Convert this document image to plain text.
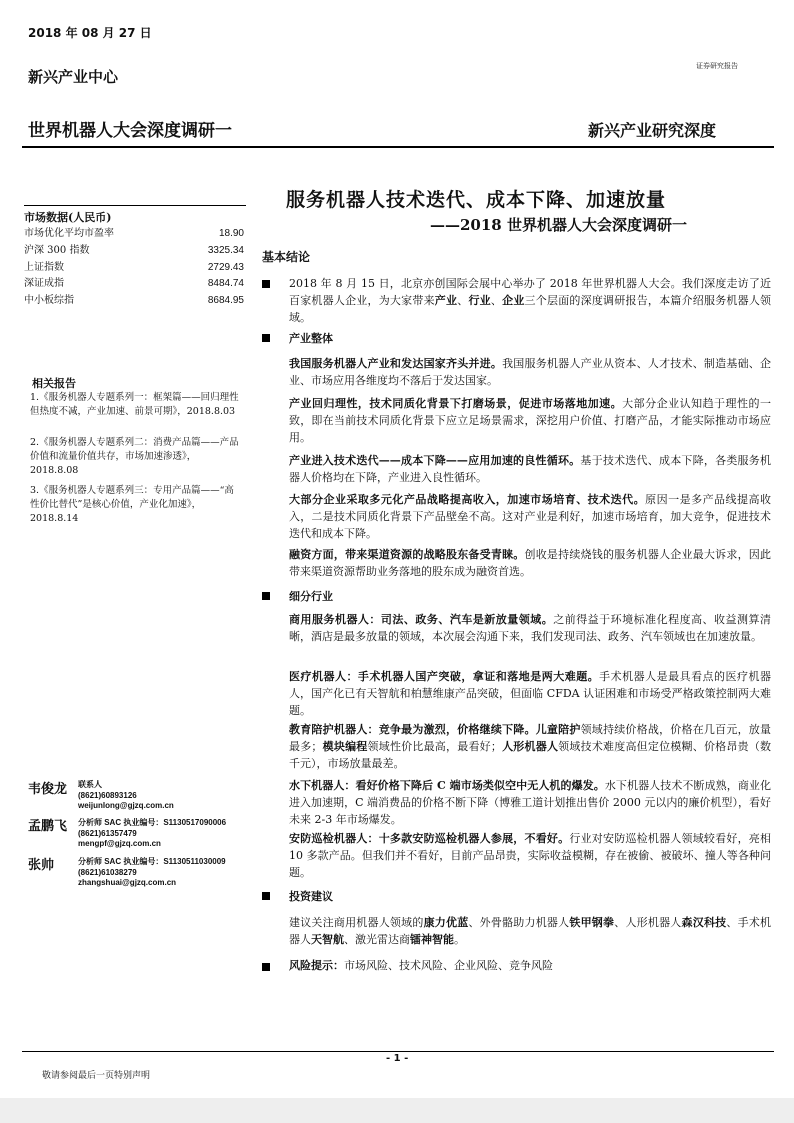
2018 年 08 月 27 日
新兴产业中心
证券研究报告
世界机器人大会深度调研一	新兴产业研究深度
服务机器人技术迭代、成本下降、加速放量
——2018 世界机器人大会深度调研一
市场数据(人民币)
市场优化平均市盈率	18.90
沪深 300 指数	3325.34
上证指数	2729.43
深证成指	8484.74
中小板综指	8684.95
相关报告
1.《服务机器人专题系列一：框架篇——回归理性但热度不减，产业加速、前景可期》，2018.8.03
2.《服务机器人专题系列二：消费产品篇——产品价值和流量价值共存，市场加速渗透》，2018.8.08
3.《服务机器人专题系列三：专用产品篇——“高性价比替代”是核心价值，产业化加速》，2018.8.14
韦俊龙 联系人
(8621)60893126
weijunlong@gjzq.com.cn
孟鹏飞 分析师 SAC 执业编号：S1130517090006
(8621)61357479
mengpf@gjzq.com.cn
张帅	分析师 SAC 执业编号：S1130511030009
(8621)61038279
zhangshuai@gjzq.com.cn
基本结论
2018 年 8 月 15 日，北京亦创国际会展中心举办了 2018 年世界机器人大会。我们深度走访了近百家机器人企业，为大家带来产业、行业、企业三个层面的深度调研报告，本篇介绍服务机器人领域。
产业整体
我国服务机器人产业和发达国家齐头并进。我国服务机器人产业从资本、人才技术、制造基础、企业、市场应用各维度均不落后于发达国家。
产业回归理性，技术同质化背景下打磨场景，促进市场落地加速。大部分企业认知趋于理性的一致，即在当前技术同质化背景下应立足场景需求，深挖用户价值、打磨产品，才能实际推动市场应用。
产业进入技术迭代——成本下降——应用加速的良性循环。基于技术迭代、成本下降，各类服务机器人价格均在下降，产业进入良性循环。
大部分企业采取多元化产品战略提高收入，加速市场培育、技术迭代。原因一是多产品线提高收入，二是技术同质化背景下产品壁垒不高。这对产业是利好，加速市场培育，加大竞争，促进技术迭代和成本下降。
融资方面，带来渠道资源的战略股东备受青睐。创收是持续烧钱的服务机器人企业最大诉求，因此带来渠道资源帮助业务落地的股东成为融资首选。
细分行业
商用服务机器人：司法、政务、汽车是新放量领域。之前得益于环境标准化程度高、收益测算清晰，酒店是最多放量的领域，本次展会沟通下来，我们发现司法、政务、汽车领域也在加速放量。
医疗机器人：手术机器人国产突破，拿证和落地是两大难题。手术机器人是最具看点的医疗机器人，国产化已有天智航和柏慧维康产品突破，但面临 CFDA 认证困难和市场受严格政策控制两大难题。
教育陪护机器人：竞争最为激烈，价格继续下降。儿童陪护领域持续价格战，价格在几百元，放量最多；模块编程领域性价比最高，最看好；人形机器人领域技术难度高但定位模糊、价格昂贵（数千元），市场放量最差。
水下机器人：看好价格下降后 C 端市场类似空中无人机的爆发。水下机器人技术不断成熟，商业化进入加速期，C 端消费品的价格不断下降（博雅工道计划推出售价 2000 元以内的廉价机型），看好未来 2-3 年市场爆发。
安防巡检机器人：十多款安防巡检机器人参展，不看好。行业对安防巡检机器人领域较看好，亮相 10 多款产品。但我们并不看好，目前产品昂贵，实际收益模糊，存在被偷、被破坏、撞人等各种问题。
投资建议
建议关注商用机器人领域的康力优蓝、外骨骼助力机器人铁甲钢拳、人形机器人森汉科技、手术机器人天智航、激光雷达商镭神智能。
风险提示：市场风险、技术风险、企业风险、竞争风险
- 1 -
敬请参阅最后一页特别声明
